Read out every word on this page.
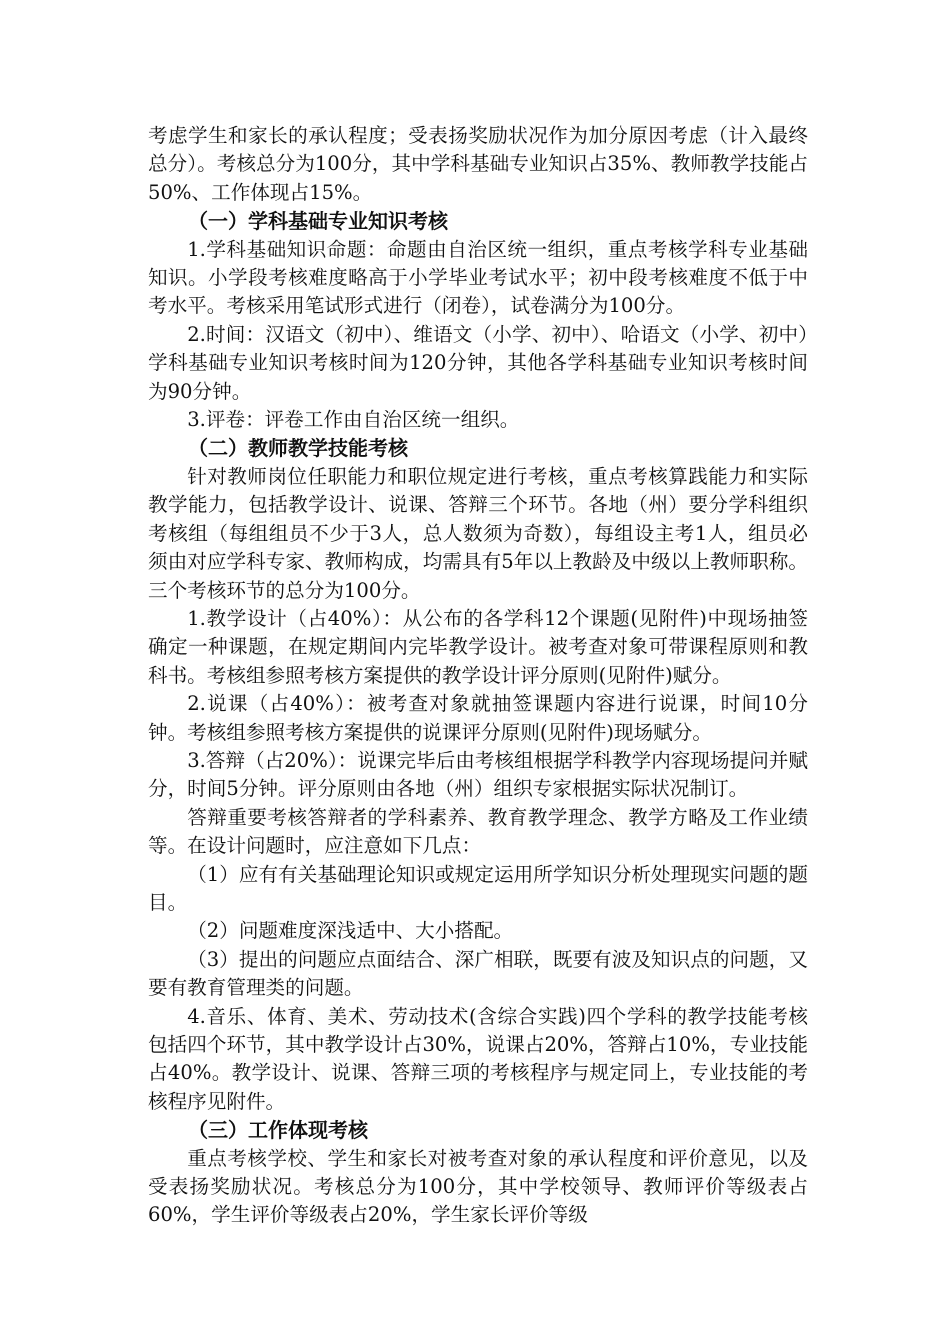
考虑学生和家长的承认程度；受表扬奖励状况作为加分原因考虑（计入最终总分）。考核总分为100分，其中学科基础专业知识占35%、教师教学技能占50%、工作体现占15%。

（一）学科基础专业知识考核

1.学科基础知识命题：命题由自治区统一组织，重点考核学科专业基础知识。小学段考核难度略高于小学毕业考试水平；初中段考核难度不低于中考水平。考核采用笔试形式进行（闭卷），试卷满分为100分。

2.时间：汉语文（初中）、维语文（小学、初中）、哈语文（小学、初中）学科基础专业知识考核时间为120分钟，其他各学科基础专业知识考核时间为90分钟。

3.评卷：评卷工作由自治区统一组织。

（二）教师教学技能考核

针对教师岗位任职能力和职位规定进行考核，重点考核算践能力和实际教学能力，包括教学设计、说课、答辩三个环节。各地（州）要分学科组织考核组（每组组员不少于3人，总人数须为奇数），每组设主考1人，组员必须由对应学科专家、教师构成，均需具有5年以上教龄及中级以上教师职称。三个考核环节的总分为100分。

1.教学设计（占40%）：从公布的各学科12个课题(见附件)中现场抽签确定一种课题，在规定期间内完毕教学设计。被考查对象可带课程原则和教科书。考核组参照考核方案提供的教学设计评分原则(见附件)赋分。

2.说课（占40%）：被考查对象就抽签课题内容进行说课，时间10分钟。考核组参照考核方案提供的说课评分原则(见附件)现场赋分。

3.答辩（占20%）：说课完毕后由考核组根据学科教学内容现场提问并赋分，时间5分钟。评分原则由各地（州）组织专家根据实际状况制订。

答辩重要考核答辩者的学科素养、教育教学理念、教学方略及工作业绩等。在设计问题时，应注意如下几点：

（1）应有有关基础理论知识或规定运用所学知识分析处理现实问题的题目。

（2）问题难度深浅适中、大小搭配。

（3）提出的问题应点面结合、深广相联，既要有波及知识点的问题，又要有教育管理类的问题。

4.音乐、体育、美术、劳动技术(含综合实践)四个学科的教学技能考核包括四个环节，其中教学设计占30%，说课占20%，答辩占10%，专业技能占40%。教学设计、说课、答辩三项的考核程序与规定同上，专业技能的考核程序见附件。

（三）工作体现考核

重点考核学校、学生和家长对被考查对象的承认程度和评价意见，以及受表扬奖励状况。考核总分为100分，其中学校领导、教师评价等级表占60%，学生评价等级表占20%，学生家长评价等级
